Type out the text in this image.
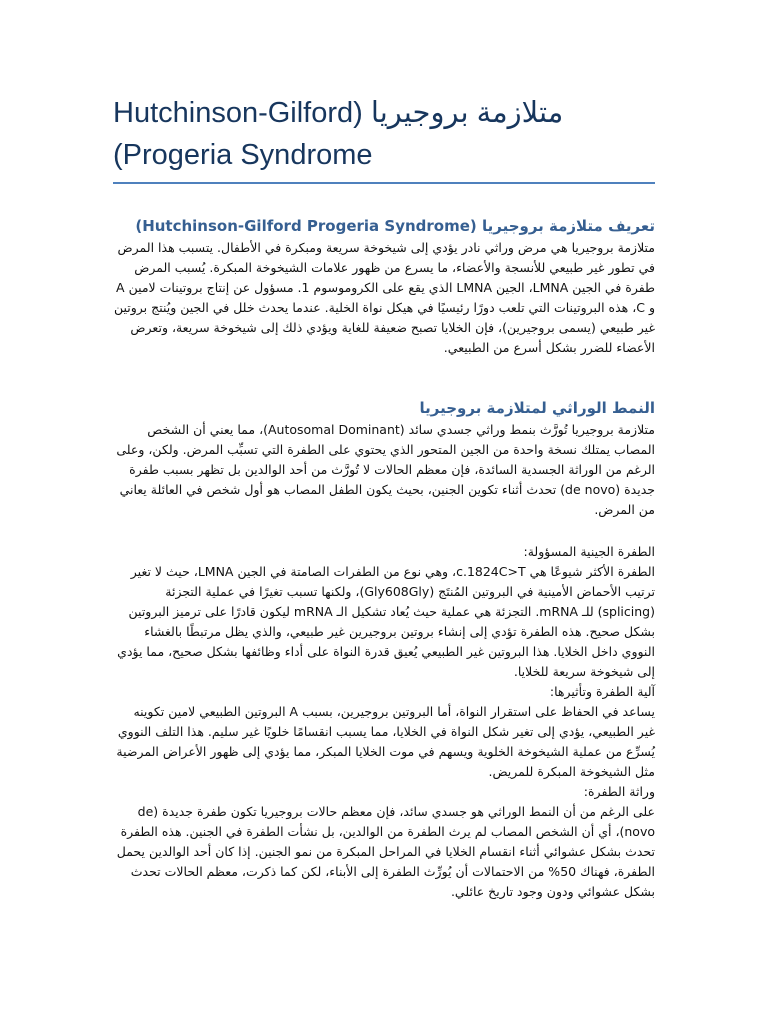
متلازمة بروجيريا (Hutchinson-Gilford Progeria Syndrome)
تعريف متلازمة بروجيريا (Hutchinson-Gilford Progeria Syndrome)

متلازمة بروجيريا هي مرض وراثي نادر يؤدي إلى شيخوخة سريعة ومبكرة في الأطفال. يتسبب هذا المرض في تطور غير طبيعي للأنسجة والأعضاء، ما يسرع من ظهور علامات الشيخوخة المبكرة. يُسبب المرض طفرة في الجين LMNA، الجين LMNA الذي يقع على الكروموسوم 1. مسؤول عن إنتاج بروتينات لامين A و C، هذه البروتينات التي تلعب دورًا رئيسيًا في هيكل نواة الخلية. عندما يحدث خلل في الجين ويُنتج بروتين غير طبيعي (يسمى بروجيرين)، فإن الخلايا تصبح ضعيفة للغاية ويؤدي ذلك إلى شيخوخة سريعة، وتعرض الأعضاء للضرر بشكل أسرع من الطبيعي.

النمط الوراثي لمتلازمة بروجيريا

متلازمة بروجيريا تُورَّث بنمط وراثي جسدي سائد (Autosomal Dominant)، مما يعني أن الشخص المصاب يمتلك نسخة واحدة من الجين المتحور الذي يحتوي على الطفرة التي تسبِّب المرض. ولكن، وعلى الرغم من الوراثة الجسدية السائدة، فإن معظم الحالات لا تُورَّث من أحد الوالدين بل تظهر بسبب طفرة جديدة (de novo) تحدث أثناء تكوين الجنين، بحيث يكون الطفل المصاب هو أول شخص في العائلة يعاني من المرض.

الطفرة الجينية المسؤولة:

الطفرة الأكثر شيوعًا هي c.1824C>T، وهي نوع من الطفرات الصامتة في الجين LMNA، حيث لا تغير ترتيب الأحماض الأمينية في البروتين المُنتَج (Gly608Gly)، ولكنها تسبب تغيرًا في عملية التجزئة (splicing) للـ mRNA. التجزئة هي عملية حيث يُعاد تشكيل الـ mRNA ليكون قادرًا على ترميز البروتين بشكل صحيح. هذه الطفرة تؤدي إلى إنشاء بروتين بروجيرين غير طبيعي، والذي يظل مرتبطًا بالغشاء النووي داخل الخلايا. هذا البروتين غير الطبيعي يُعيق قدرة النواة على أداء وظائفها بشكل صحيح، مما يؤدي إلى شيخوخة سريعة للخلايا.

آلية الطفرة وتأثيرها:

يساعد في الحفاظ على استقرار النواة، أما البروتين بروجيرين، بسبب A البروتين الطبيعي لامين تكوينه غير الطبيعي، يؤدي إلى تغير شكل النواة في الخلايا، مما يسبب انقسامًا خلويًا غير سليم. هذا التلف النووي يُسرِّع من عملية الشيخوخة الخلوية ويسهم في موت الخلايا المبكر، مما يؤدي إلى ظهور الأعراض المرضية مثل الشيخوخة المبكرة للمريض.

وراثة الطفرة:

على الرغم من أن النمط الوراثي هو جسدي سائد، فإن معظم حالات بروجيريا تكون طفرة جديدة (de novo)، أي أن الشخص المصاب لم يرث الطفرة من الوالدين، بل نشأت الطفرة في الجنين. هذه الطفرة تحدث بشكل عشوائي أثناء انقسام الخلايا في المراحل المبكرة من نمو الجنين. إذا كان أحد الوالدين يحمل الطفرة، فهناك 50% من الاحتمالات أن يُورِّث الطفرة إلى الأبناء، لكن كما ذكرت، معظم الحالات تحدث بشكل عشوائي ودون وجود تاريخ عائلي.
